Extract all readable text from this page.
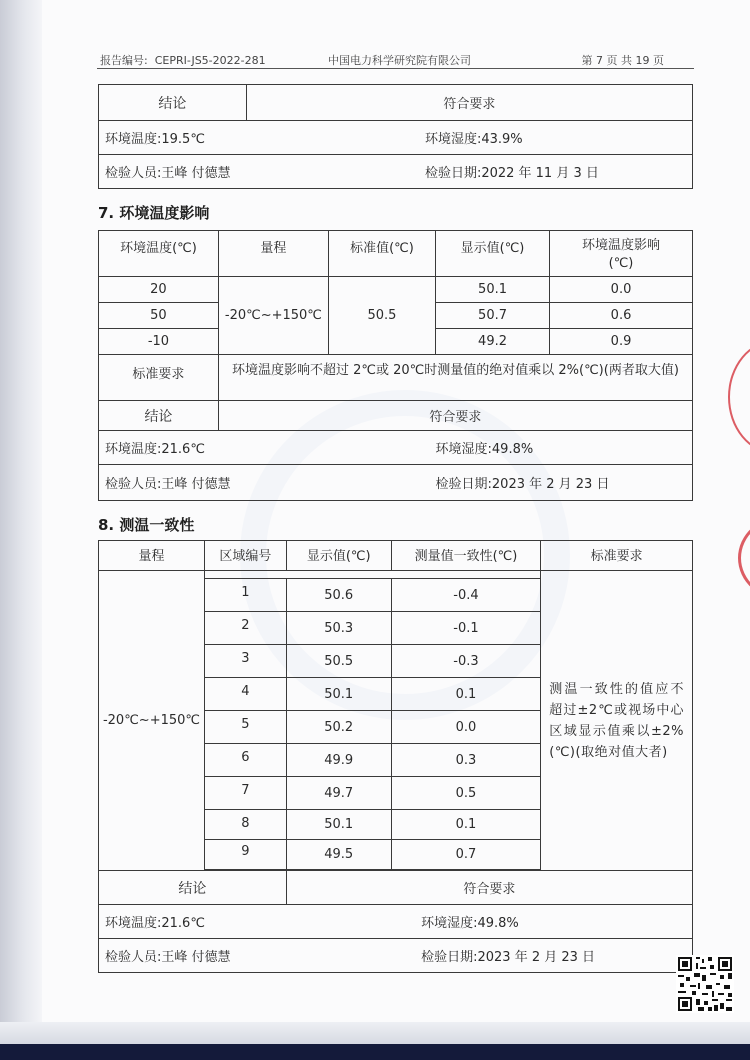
报告编号: CEPRI-JS5-2022-281	中国电力科学研究院有限公司	第 7 页 共 19 页
结论	符合要求	
环境温度:19.5℃		环境湿度:43.9%
检验人员:王峰 付德慧		检验日期:2022 年 11 月 3 日
7. 环境温度影响
环境温度(℃)	量程	标准值(℃)	显示值(℃)	环境温度影响(℃)
20	-20℃~+150℃	50.5	50.1	0.0
50			50.7	0.6
-10			49.2	0.9
标准要求	环境温度影响不超过 2℃或 20℃时测量值的绝对值乘以 2%(℃)(两者取大值)			
结论	符合要求			
环境温度:21.6℃			环境湿度:49.8%	
检验人员:王峰 付德慧			检验日期:2023 年 2 月 23 日	
8. 测温一致性
量程	区域编号	显示值(℃)	测量值一致性(℃)	标准要求
-20℃~+150℃				测温一致性的值应不超过±2℃或视场中心区域显示值乘以±2%(℃)(取绝对值大者)
	1	50.6	-0.4	
	2	50.3	-0.1	
	3	50.5	-0.3	
	4	50.1	0.1	
	5	50.2	0.0	
	6	49.9	0.3	
	7	49.7	0.5	
	8	50.1	0.1	
	9	49.5	0.7	

结论		符合要求		
环境温度:21.6℃			环境湿度:49.8%	
检验人员:王峰 付德慧			检验日期:2023 年 2 月 23 日	
